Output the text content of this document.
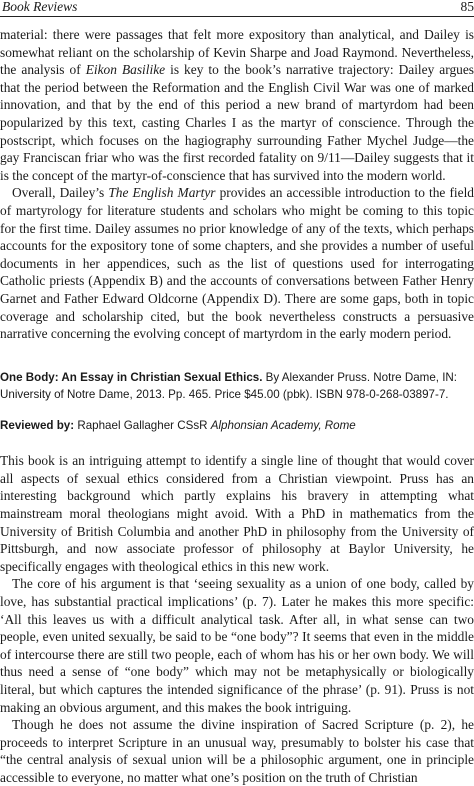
Book Reviews	85

material: there were passages that felt more expository than analytical, and Dailey is somewhat reliant on the scholarship of Kevin Sharpe and Joad Raymond. Nevertheless, the analysis of Eikon Basilike is key to the book’s narrative trajectory: Dailey argues that the period between the Reformation and the English Civil War was one of marked innovation, and that by the end of this period a new brand of martyrdom had been popularized by this text, casting Charles I as the martyr of conscience. Through the postscript, which focuses on the hagiography surrounding Father Mychel Judge—the gay Franciscan friar who was the first recorded fatality on 9/11—Dailey suggests that it is the concept of the martyr-of-conscience that has survived into the modern world.

Overall, Dailey’s The English Martyr provides an accessible introduction to the field of martyrology for literature students and scholars who might be coming to this topic for the first time. Dailey assumes no prior knowledge of any of the texts, which perhaps accounts for the expository tone of some chapters, and she provides a number of useful documents in her appendices, such as the list of questions used for interrogating Catholic priests (Appendix B) and the accounts of conversations between Father Henry Garnet and Father Edward Oldcorne (Appendix D). There are some gaps, both in topic coverage and scholarship cited, but the book nevertheless constructs a persuasive narrative concerning the evolving concept of martyrdom in the early modern period.

One Body: An Essay in Christian Sexual Ethics. By Alexander Pruss. Notre Dame, IN: University of Notre Dame, 2013. Pp. 465. Price $45.00 (pbk). ISBN 978-0-268-03897-7.

Reviewed by: Raphael Gallagher CSsR Alphonsian Academy, Rome

This book is an intriguing attempt to identify a single line of thought that would cover all aspects of sexual ethics considered from a Christian viewpoint. Pruss has an interesting background which partly explains his bravery in attempting what mainstream moral theologians might avoid. With a PhD in mathematics from the University of British Columbia and another PhD in philosophy from the University of Pittsburgh, and now associate professor of philosophy at Baylor University, he specifically engages with theological ethics in this new work.

The core of his argument is that ‘seeing sexuality as a union of one body, called by love, has substantial practical implications’ (p. 7). Later he makes this more specific: ‘All this leaves us with a difficult analytical task. After all, in what sense can two people, even united sexually, be said to be “one body”? It seems that even in the middle of intercourse there are still two people, each of whom has his or her own body. We will thus need a sense of “one body” which may not be metaphysically or biologically literal, but which captures the intended significance of the phrase’ (p. 91). Pruss is not making an obvious argument, and this makes the book intriguing.

Though he does not assume the divine inspiration of Sacred Scripture (p. 2), he proceeds to interpret Scripture in an unusual way, presumably to bolster his case that “the central analysis of sexual union will be a philosophic argument, one in principle accessible to everyone, no matter what one’s position on the truth of Christian
